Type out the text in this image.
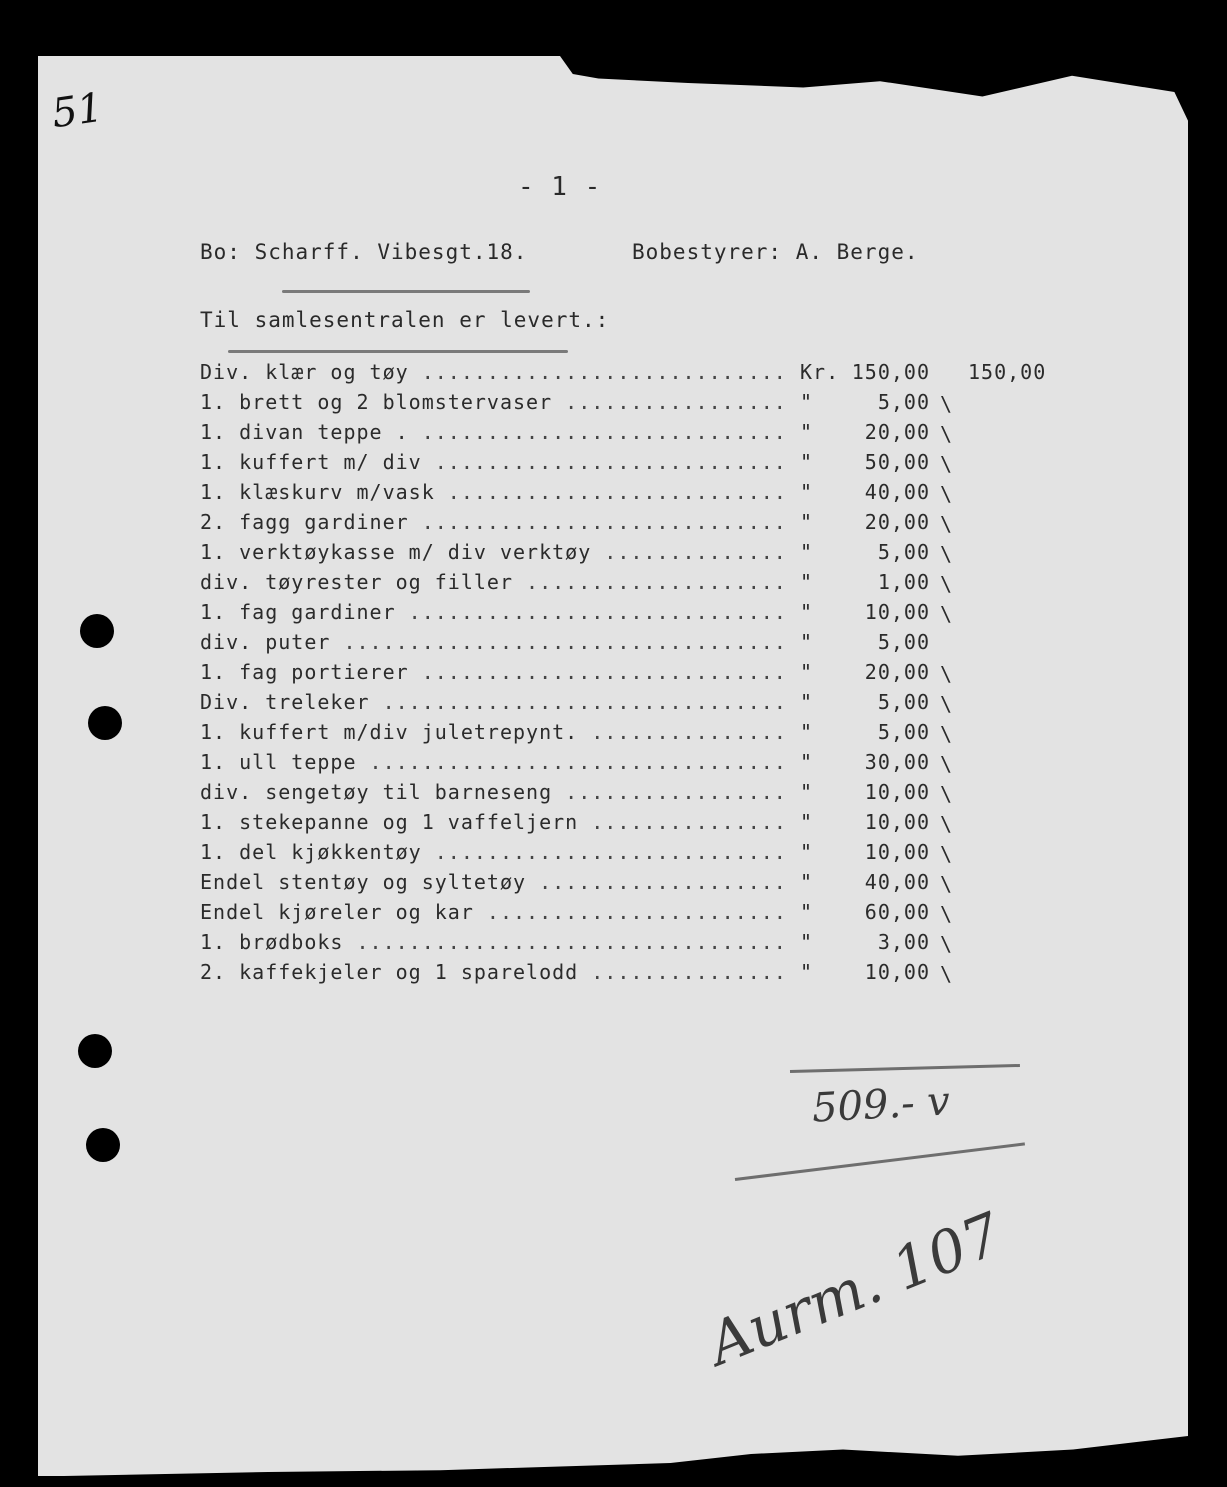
51
- 1 -
Bo: Scharff. Vibesgt.18.	Bobestyrer: A. Berge.
Til samlesentralen er levert.:
Div. klær og tøy .....	Kr. 150,00 150,00
1. brett og 2 blomstervaser .....	"	5,00 \
1. divan teppe . .....	"	20,00 \
1. kuffert m/ div .....	"	50,00 \
1. klæskurv m/vask .....	"	40,00 \
2. fagg gardiner .....	"	20,00 \
1. verktøykasse m/ div verktøy .....	"	5,00 \
div. tøyrester og filler .....	"	1,00 \
1. fag gardiner .....	"	10,00 \
div. puter .....	"	5,00
1. fag portierer .....	"	20,00 \
Div. treleker .....	"	5,00 \
1. kuffert m/div juletrepynt. .....	"	5,00 \
1. ull teppe .....	"	30,00 \
div. sengetøy til barneseng .....	"	10,00 \
1. stekepanne og 1 vaffeljern .....	"	10,00 \
1. del kjøkkentøy .....	"	10,00 \
Endel stentøy og syltetøy .....	"	40,00 \
Endel kjøreler og kar .....	"	60,00 \
1. brødboks .....	"	3,00 \
2. kaffekjeler og 1 sparelodd .....	"	10,00 \
509.- v
Aurm. 107
